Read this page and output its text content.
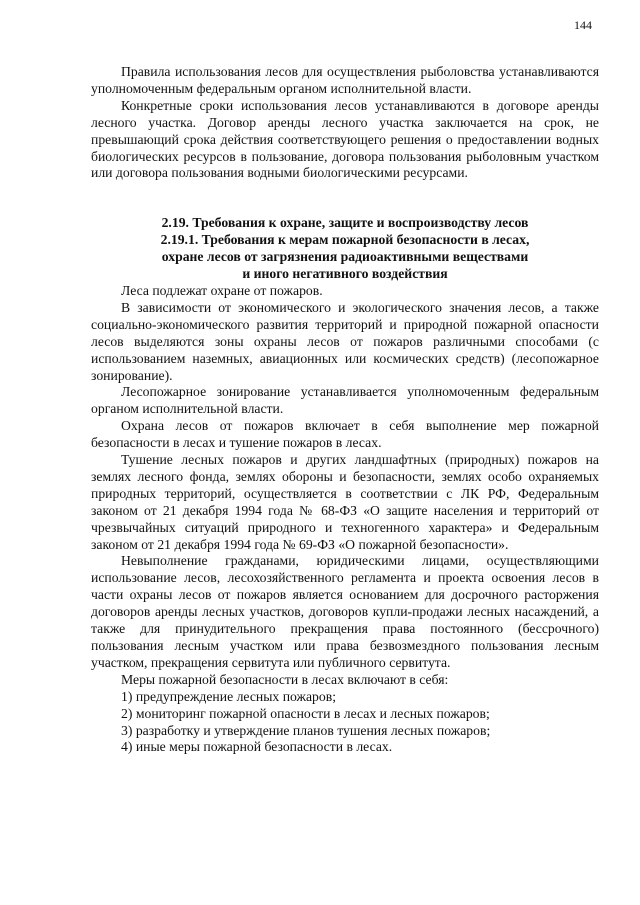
144

Правила использования лесов для осуществления рыболовства устанавливаются уполномоченным федеральным органом исполнительной власти.

Конкретные сроки использования лесов устанавливаются в договоре аренды лесного участка. Договор аренды лесного участка заключается на срок, не превышающий срока действия соответствующего решения о предоставлении водных биологических ресурсов в пользование, договора пользования рыболовным участком или договора пользования водными биологическими ресурсами.

2.19. Требования к охране, защите и воспроизводству лесов

2.19.1. Требования к мерам пожарной безопасности в лесах,

охране лесов от загрязнения радиоактивными веществами

и иного негативного воздействия

Леса подлежат охране от пожаров.

В зависимости от экономического и экологического значения лесов, а также социально-экономического развития территорий и природной пожарной опасности лесов выделяются зоны охраны лесов от пожаров различными способами (с использованием наземных, авиационных или космических средств) (лесопожарное зонирование).

Лесопожарное зонирование устанавливается уполномоченным федеральным органом исполнительной власти.

Охрана лесов от пожаров включает в себя выполнение мер пожарной безопасности в лесах и тушение пожаров в лесах.

Тушение лесных пожаров и других ландшафтных (природных) пожаров на землях лесного фонда, землях обороны и безопасности, землях особо охраняемых природных территорий, осуществляется в соответствии с ЛК РФ, Федеральным законом от 21 декабря 1994 года № 68-ФЗ «О защите населения и территорий от чрезвычайных ситуаций природного и техногенного характера» и Федеральным законом от 21 декабря 1994 года № 69-ФЗ «О пожарной безопасности».

Невыполнение гражданами, юридическими лицами, осуществляющими использование лесов, лесохозяйственного регламента и проекта освоения лесов в части охраны лесов от пожаров является основанием для досрочного расторжения договоров аренды лесных участков, договоров купли-продажи лесных насаждений, а также для принудительного прекращения права постоянного (бессрочного) пользования лесным участком или права безвозмездного пользования лесным участком, прекращения сервитута или публичного сервитута.

Меры пожарной безопасности в лесах включают в себя:

1) предупреждение лесных пожаров;

2) мониторинг пожарной опасности в лесах и лесных пожаров;

3) разработку и утверждение планов тушения лесных пожаров;

4) иные меры пожарной безопасности в лесах.
